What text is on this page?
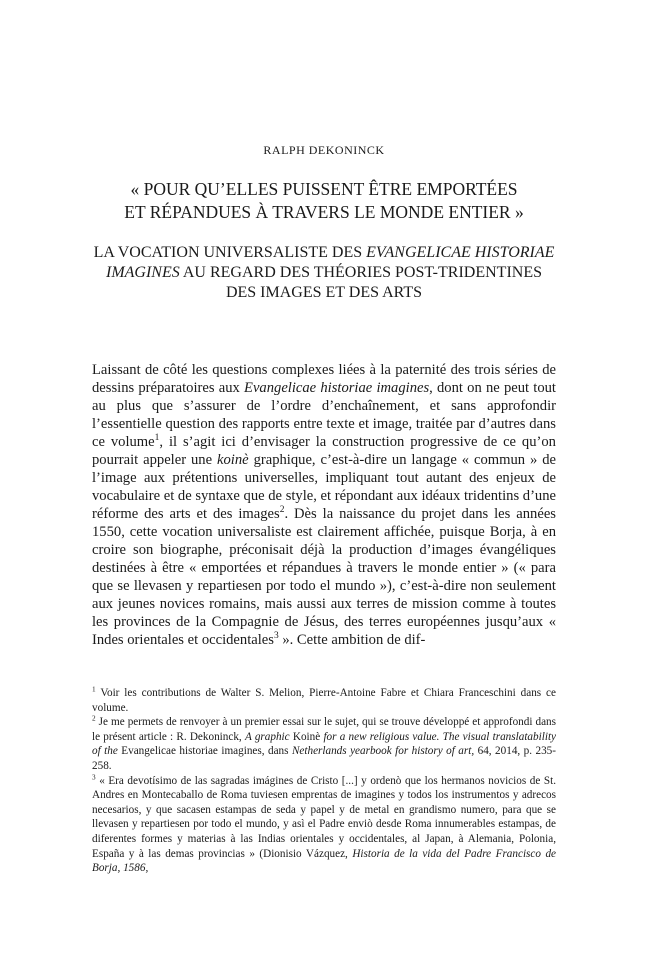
RALPH DEKONINCK
« POUR QU’ELLES PUISSENT ÊTRE EMPORTÉES
ET RÉPANDUES À TRAVERS LE MONDE ENTIER »
LA VOCATION UNIVERSALISTE DES EVANGELICAE HISTORIAE IMAGINES AU REGARD DES THÉORIES POST-TRIDENTINES DES IMAGES ET DES ARTS
Laissant de côté les questions complexes liées à la paternité des trois séries de dessins préparatoires aux Evangelicae historiae imagines, dont on ne peut tout au plus que s’assurer de l’ordre d’enchaînement, et sans approfondir l’essentielle question des rapports entre texte et image, traitée par d’autres dans ce volume$^1$, il s’agit ici d’envisager la construction progressive de ce qu’on pourrait appeler une koinè graphique, c’est-à-dire un langage « commun » de l’image aux prétentions universelles, impliquant tout autant des enjeux de vocabulaire et de syntaxe que de style, et répondant aux idéaux tridentins d’une réforme des arts et des images$^2$. Dès la naissance du projet dans les années 1550, cette vocation universaliste est clairement affichée, puisque Borja, à en croire son biographe, préconisait déjà la production d’images évangéliques destinées à être « emportées et répandues à travers le monde entier » (« para que se llevasen y repartiesen por todo el mundo »), c’est-à-dire non seulement aux jeunes novices romains, mais aussi aux terres de mission comme à toutes les provinces de la Compagnie de Jésus, des terres européennes jusqu’aux « Indes orientales et occidentales$^3$ ». Cette ambition de dif-

$^1$ Voir les contributions de Walter S. Melion, Pierre-Antoine Fabre et Chiara Franceschini dans ce volume.

$^2$ Je me permets de renvoyer à un premier essai sur le sujet, qui se trouve développé et approfondi dans le présent article : R. Dekoninck, A graphic Koinè for a new religious value. The visual translatability of the Evangelicae historiae imagines, dans Netherlands yearbook for history of art, 64, 2014, p. 235-258.

$^3$ « Era devotísimo de las sagradas imágines de Cristo [...] y ordenò que los hermanos novicios de St. Andres en Montecaballo de Roma tuviesen emprentas de imagines y todos los instrumentos y adrecos necesarios, y que sacasen estampas de seda y papel y de metal en grandismo numero, para que se llevasen y repartiesen por todo el mundo, y asì el Padre enviò desde Roma innumerables estampas, de diferentes formes y materias à las Indias orientales y occidentales, al Japan, à Alemania, Polonia, España y à las demas provincias » (Dionisio Vázquez, Historia de la vida del Padre Francisco de Borja, 1586,
